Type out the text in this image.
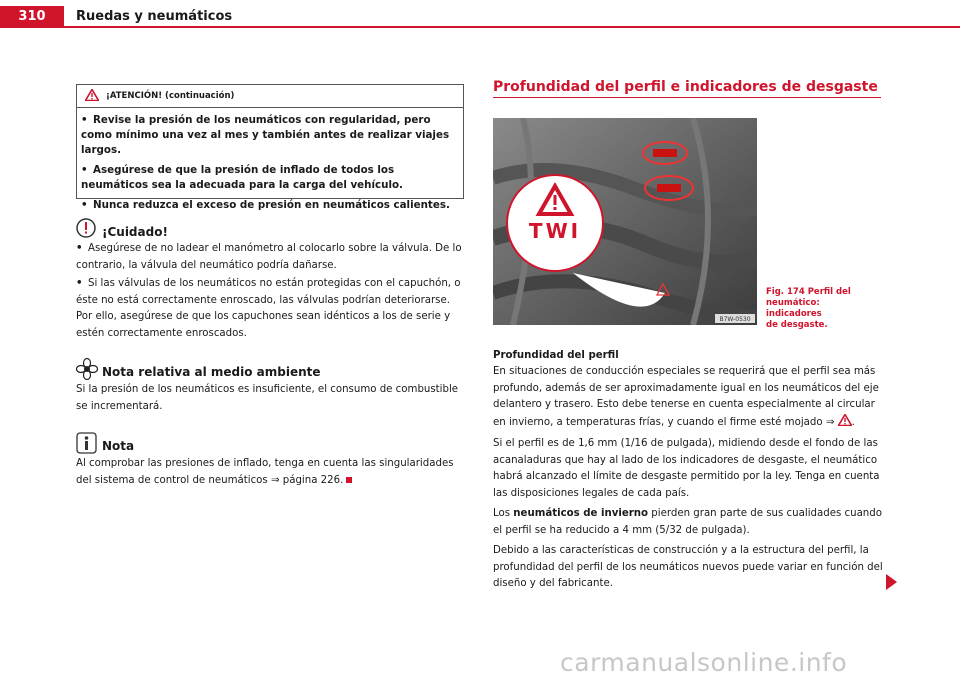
310	Ruedas y neumáticos
¡ATENCIÓN! (continuación)
• Revise la presión de los neumáticos con regularidad, pero como mínimo una vez al mes y también antes de realizar viajes largos.
• Asegúrese de que la presión de inflado de todos los neumáticos sea la adecuada para la carga del vehículo.
• Nunca reduzca el exceso de presión en neumáticos calientes.
¡Cuidado!
• Asegúrese de no ladear el manómetro al colocarlo sobre la válvula. De lo contrario, la válvula del neumático podría dañarse.
• Si las válvulas de los neumáticos no están protegidas con el capuchón, o éste no está correctamente enroscado, las válvulas podrían deteriorarse. Por ello, asegúrese de que los capuchones sean idénticos a los de serie y estén correctamente enroscados.
Nota relativa al medio ambiente
Si la presión de los neumáticos es insuficiente, el consumo de combustible se incrementará.
Nota
Al comprobar las presiones de inflado, tenga en cuenta las singularidades del sistema de control de neumáticos ⇒ página 226.
Profundidad del perfil e indicadores de desgaste
TWI
B7W-0530
Fig. 174 Perfil del
neumático: indicadores
de desgaste.
Profundidad del perfil
En situaciones de conducción especiales se requerirá que el perfil sea más profundo, además de ser aproximadamente igual en los neumáticos del eje delantero y trasero. Esto debe tenerse en cuenta especialmente al circular en invierno, a temperaturas frías, y cuando el firme esté mojado ⇒ .
Si el perfil es de 1,6 mm (1/16 de pulgada), midiendo desde el fondo de las acanaladuras que hay al lado de los indicadores de desgaste, el neumático habrá alcanzado el límite de desgaste permitido por la ley. Tenga en cuenta las disposiciones legales de cada país.
Los neumáticos de invierno pierden gran parte de sus cualidades cuando el perfil se ha reducido a 4 mm (5/32 de pulgada).
Debido a las características de construcción y a la estructura del perfil, la profundidad del perfil de los neumáticos nuevos puede variar en función del diseño y del fabricante.
carmanualsonline.info
